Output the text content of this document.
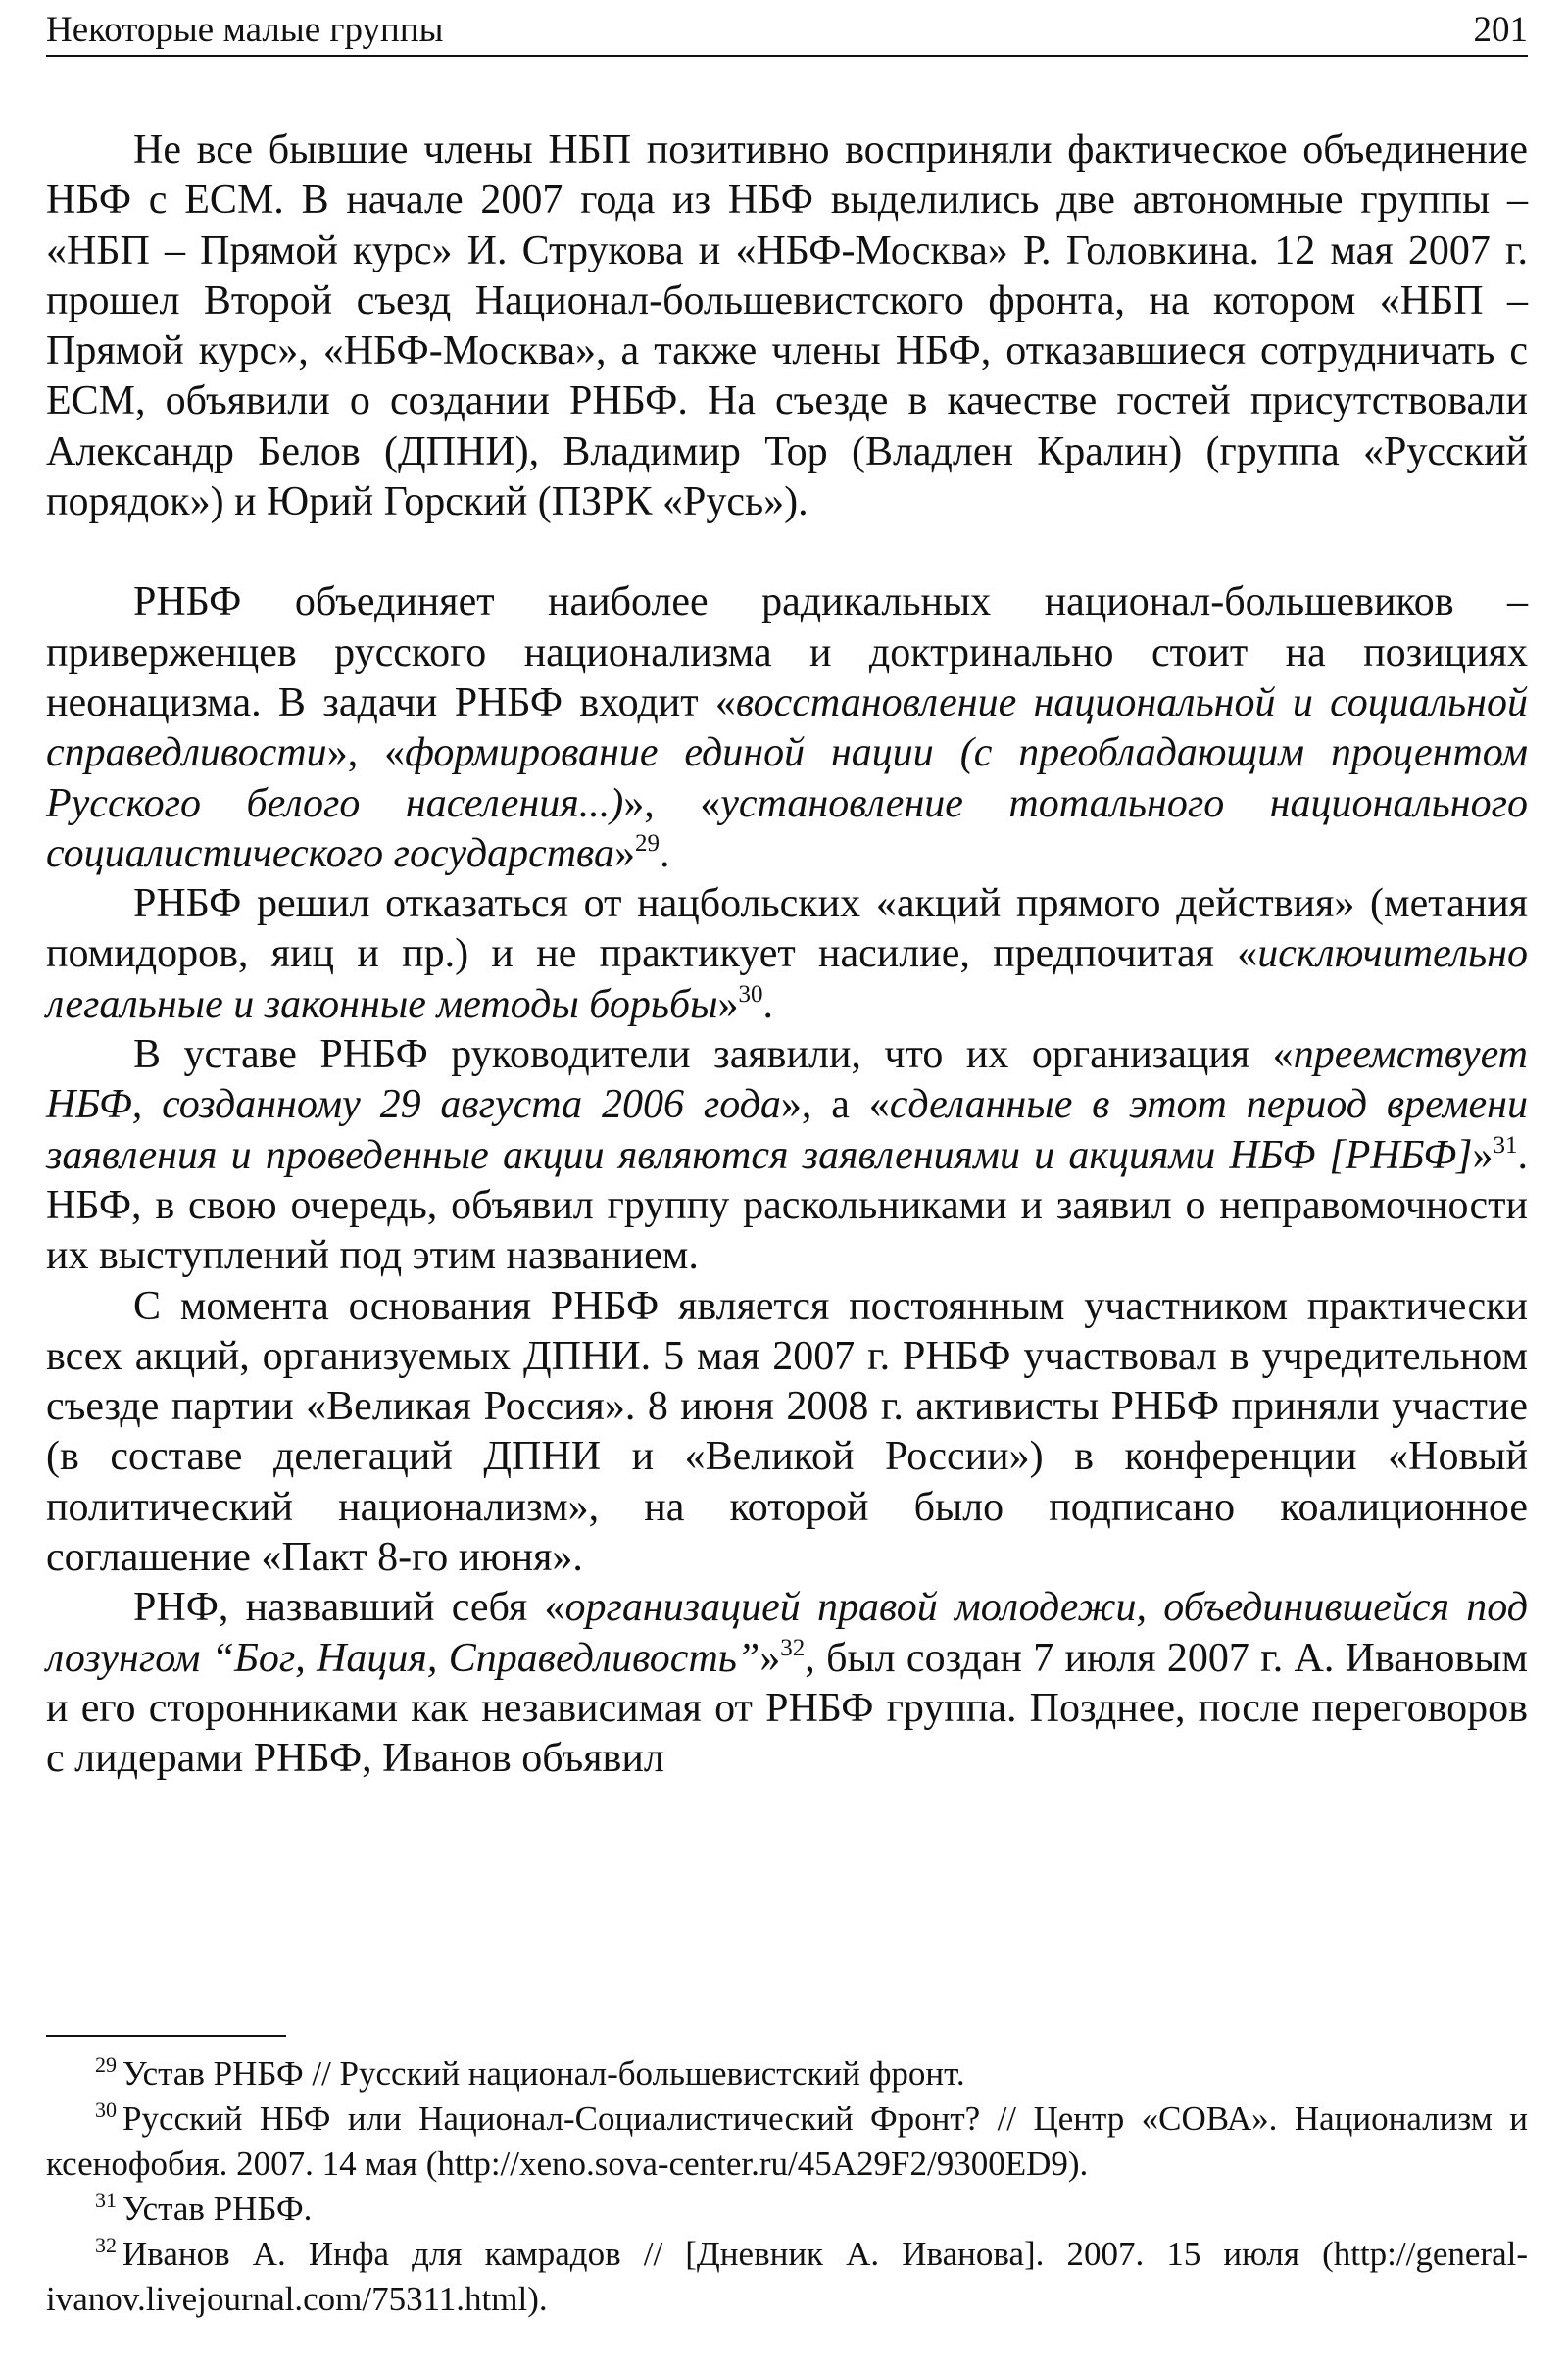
Некоторые малые группы	201

Не все бывшие члены НБП позитивно восприняли фактическое объединение НБФ с ЕСМ. В начале 2007 года из НБФ выделились две автономные группы – «НБП – Прямой курс» И. Струкова и «НБФ-Москва» Р. Головкина. 12 мая 2007 г. прошел Второй съезд Национал-большевистского фронта, на котором «НБП – Прямой курс», «НБФ-Москва», а также члены НБФ, отказавшиеся сотрудничать с ЕСМ, объявили о создании РНБФ. На съезде в качестве гостей присутствовали Александр Белов (ДПНИ), Владимир Тор (Владлен Кралин) (группа «Русский порядок») и Юрий Горский (ПЗРК «Русь»).

РНБФ объединяет наиболее радикальных национал-большевиков – приверженцев русского национализма и доктринально стоит на позициях неонацизма. В задачи РНБФ входит «восстановление национальной и социальной справедливости», «формирование единой нации (с преобладающим процентом Русского белого населения...)», «установление тотального национального социалистического государства»$^{29}$.

РНБФ решил отказаться от нацбольских «акций прямого действия» (метания помидоров, яиц и пр.) и не практикует насилие, предпочитая «исключительно легальные и законные методы борьбы»$^{30}$.

В уставе РНБФ руководители заявили, что их организация «преемствует НБФ, созданному 29 августа 2006 года», а «сделанные в этот период времени заявления и проведенные акции являются заявлениями и акциями НБФ [РНБФ]»$^{31}$. НБФ, в свою очередь, объявил группу раскольниками и заявил о неправомочности их выступлений под этим названием.

С момента основания РНБФ является постоянным участником практически всех акций, организуемых ДПНИ. 5 мая 2007 г. РНБФ участвовал в учредительном съезде партии «Великая Россия». 8 июня 2008 г. активисты РНБФ приняли участие (в составе делегаций ДПНИ и «Великой России») в конференции «Новый политический национализм», на которой было подписано коалиционное соглашение «Пакт 8-го июня».

РНФ, назвавший себя «организацией правой молодежи, объединившейся под лозунгом “Бог, Нация, Справедливость”»$^{32}$, был создан 7 июля 2007 г. А. Ивановым и его сторонниками как независимая от РНБФ группа. Позднее, после переговоров с лидерами РНБФ, Иванов объявил

$^{29}$ Устав РНБФ // Русский национал-большевистский фронт.

$^{30}$ Русский НБФ или Национал-Социалистический Фронт? // Центр «СОВА». Национализм и ксенофобия. 2007. 14 мая (http://xeno.sova-center.ru/45A29F2/9300ED9).

$^{31}$ Устав РНБФ.

$^{32}$ Иванов А. Инфа для камрадов // [Дневник А. Иванова]. 2007. 15 июля (http://general-ivanov.livejournal.com/75311.html).
